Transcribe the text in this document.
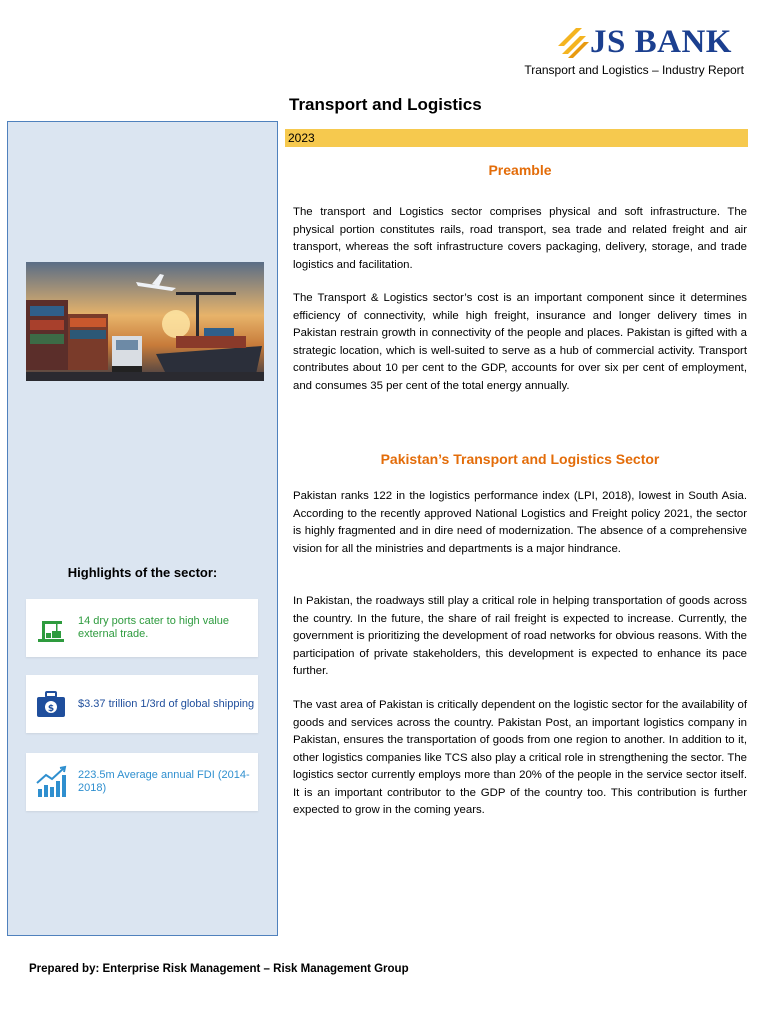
JS BANK
Transport and Logistics – Industry Report
Transport and Logistics
2023
Highlights of the sector:
14 dry ports cater to high value external trade.
$ $3.37 trillion 1/3rd of global shipping
223.5m Average annual FDI (2014-2018)
Preamble

The transport and Logistics sector comprises physical and soft infrastructure. The physical portion constitutes rails, road transport, sea trade and related freight and air transport, whereas the soft infrastructure covers packaging, delivery, storage, and trade logistics and facilitation.

The Transport & Logistics sector’s cost is an important component since it determines efficiency of connectivity, while high freight, insurance and longer delivery times in Pakistan restrain growth in connectivity of the people and places. Pakistan is gifted with a strategic location, which is well-suited to serve as a hub of commercial activity. Transport contributes about 10 per cent to the GDP, accounts for over six per cent of employment, and consumes 35 per cent of the total energy annually.

Pakistan’s Transport and Logistics Sector

Pakistan ranks 122 in the logistics performance index (LPI, 2018), lowest in South Asia. According to the recently approved National Logistics and Freight policy 2021, the sector is highly fragmented and in dire need of modernization. The absence of a comprehensive vision for all the ministries and departments is a major hindrance.

In Pakistan, the roadways still play a critical role in helping transportation of goods across the country. In the future, the share of rail freight is expected to increase. Currently, the government is prioritizing the development of road networks for obvious reasons. With the participation of private stakeholders, this development is expected to enhance its pace further.

The vast area of Pakistan is critically dependent on the logistic sector for the availability of goods and services across the country. Pakistan Post, an important logistics company in Pakistan, ensures the transportation of goods from one region to another. In addition to it, other logistics companies like TCS also play a critical role in strengthening the sector. The logistics sector currently employs more than 20% of the people in the service sector itself. It is an important contributor to the GDP of the country too. This contribution is further expected to grow in the coming years.

Prepared by: Enterprise Risk Management – Risk Management Group
